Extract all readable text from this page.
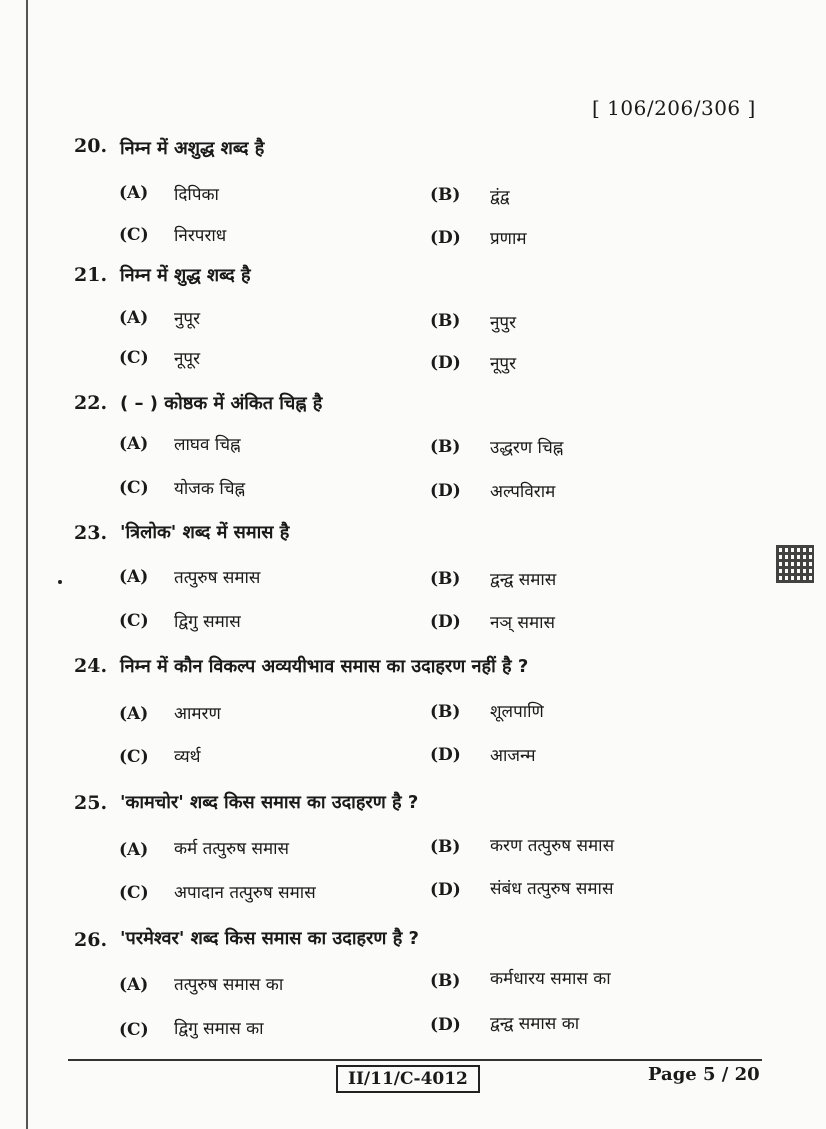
[ 106/206/306 ]
20. निम्न में अशुद्ध शब्द है
(A) दिपिका	(B) द्वंद्व
(C) निरपराध	(D) प्रणाम
21. निम्न में शुद्ध शब्द है
(A) नुपूर	(B) नुपुर
(C) नूपूर	(D) नूपुर
22. ( – ) कोष्ठक में अंकित चिह्न है
(A) लाघव चिह्न	(B) उद्धरण चिह्न
(C) योजक चिह्न	(D) अल्पविराम
23. 'त्रिलोक' शब्द में समास है
(A) तत्पुरुष समास	(B) द्वन्द्व समास
(C) द्विगु समास	(D) नञ् समास
24. निम्न में कौन विकल्प अव्ययीभाव समास का उदाहरण नहीं है ?
(A) आमरण	(B) शूलपाणि
(C) व्यर्थ	(D) आजन्म
25. 'कामचोर' शब्द किस समास का उदाहरण है ?
(A) कर्म तत्पुरुष समास	(B) करण तत्पुरुष समास
(C) अपादान तत्पुरुष समास	(D) संबंध तत्पुरुष समास
26. 'परमेश्वर' शब्द किस समास का उदाहरण है ?
(A) तत्पुरुष समास का	(B) कर्मधारय समास का
(C) द्विगु समास का	(D) द्वन्द्व समास का
II/11/C-4012	Page 5 / 20
